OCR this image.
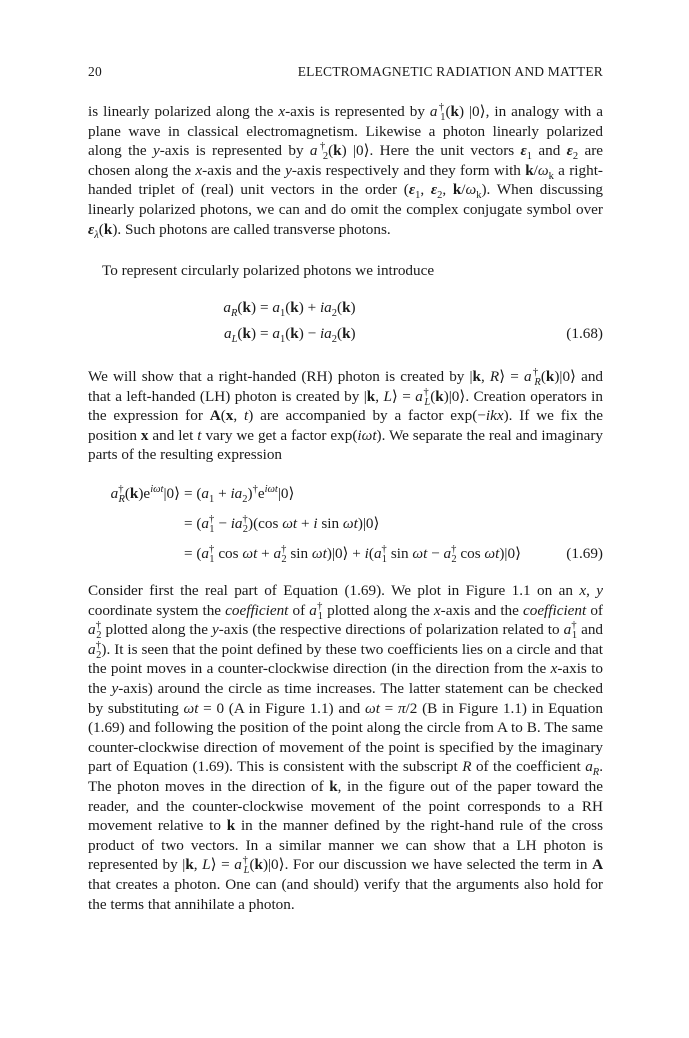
20	ELECTROMAGNETIC RADIATION AND MATTER
is linearly polarized along the x-axis is represented by $a^\dagger_1(k)$ |0⟩, in analogy with a plane wave in classical electromagnetism. Likewise a photon linearly polarized along the y-axis is represented by $a^\dagger_2(k)$ |0⟩. Here the unit vectors $\varepsilon_1$ and $\varepsilon_2$ are chosen along the x-axis and the y-axis respectively and they form with $k/\omega_k$ a right-handed triplet of (real) unit vectors in the order ($\varepsilon_1$, $\varepsilon_2$, $k/\omega_k$). When discussing linearly polarized photons, we can and do omit the complex conjugate symbol over $\varepsilon_\lambda(k)$. Such photons are called transverse photons.
To represent circularly polarized photons we introduce
$a_R(k) = a_1(k) + ia_2(k)$
$a_L(k) = a_1(k) - ia_2(k)$	(1.68)
We will show that a right-handed (RH) photon is created by |k, R⟩ = $a^\dagger_R(k)|0⟩$ and that a left-handed (LH) photon is created by |k, L⟩ = $a^\dagger_L(k)|0⟩$. Creation operators in the expression for A(x, t) are accompanied by a factor exp(−ikx). If we fix the position x and let t vary we get a factor exp(iωt). We separate the real and imaginary parts of the resulting expression
$a^\dagger_R(k)e^{i\omega t}|0⟩ = (a_1$ + $ia_2)^\dagger e^{i\omega t}|0⟩$
= $(a^\dagger_1 - ia^\dagger_2)(\cos$ ωt + i sin ωt)|0⟩
= ($a^\dagger_1$ $\cos \omega t + a^\dagger_2$ sin ωt)|0⟩ + $i(a^\dagger_1$ $\sin \omega t - a^\dagger_2$ cos ωt)|0⟩	(1.69)
Consider first the real part of Equation (1.69). We plot in Figure 1.1 on an x, y coordinate system the coefficient of $a^\dagger_1$ plotted along the x-axis and the coefficient of $a^\dagger_2$ plotted along the y-axis (the respective directions of polarization related to $a^\dagger_1$ and $a^\dagger_2$). It is seen that the point defined by these two coefficients lies on a circle and that the point moves in a counter-clockwise direction (in the direction from the x-axis to the y-axis) around the circle as time increases. The latter statement can be checked by substituting ωt = 0 (A in Figure 1.1) and ωt = π/2 (B in Figure 1.1) in Equation (1.69) and following the position of the point along the circle from A to B. The same counter-clockwise direction of movement of the point is specified by the imaginary part of Equation (1.69). This is consistent with the subscript R of the coefficient $a_R$. The photon moves in the direction of k, in the figure out of the paper toward the reader, and the counter-clockwise movement of the point corresponds to a RH movement relative to k in the manner defined by the right-hand rule of the cross product of two vectors. In a similar manner we can show that a LH photon is represented by |k, L⟩ = $a^\dagger_L(k)|0⟩$. For our discussion we have selected the term in A that creates a photon. One can (and should) verify that the arguments also hold for the terms that annihilate a photon.
